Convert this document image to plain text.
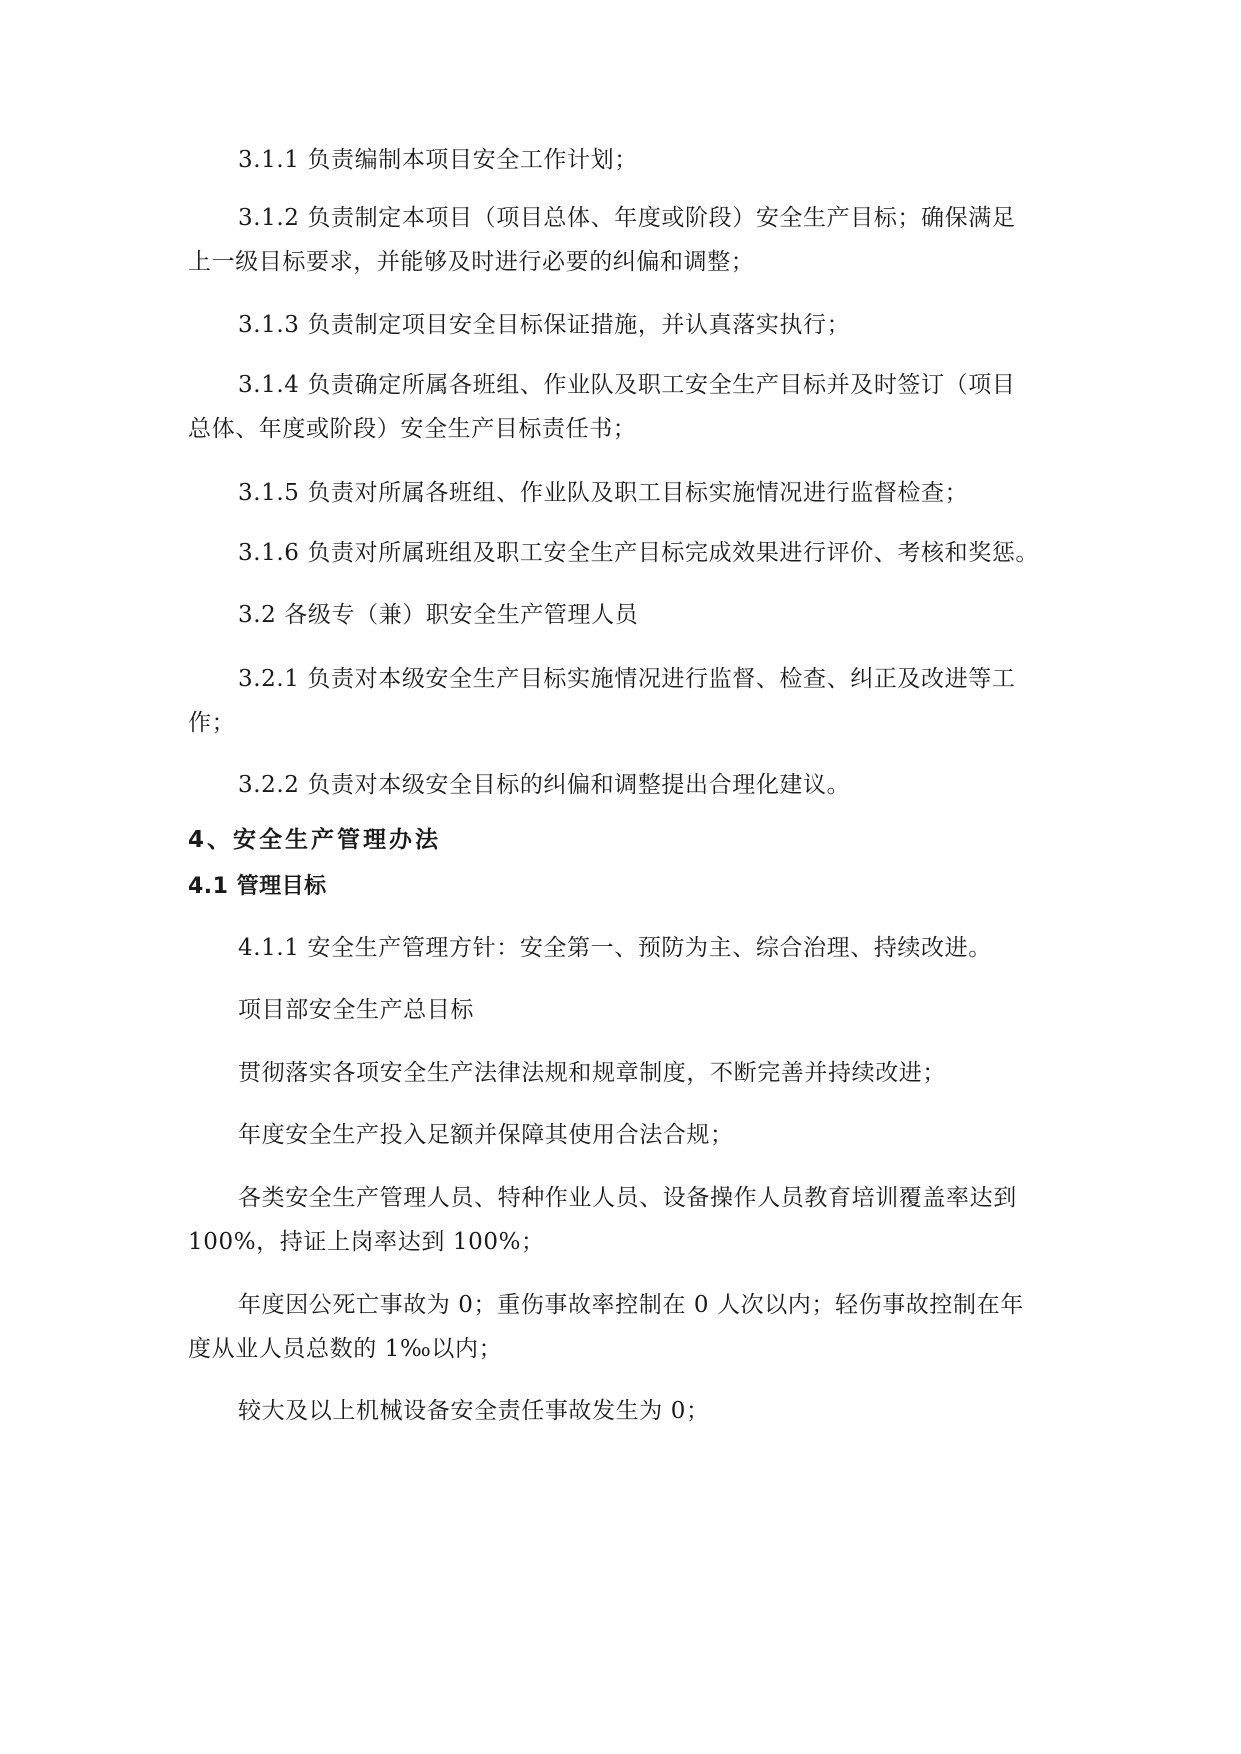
3.1.1 负责编制本项目安全工作计划；
3.1.2 负责制定本项目（项目总体、年度或阶段）安全生产目标；确保满足
上一级目标要求，并能够及时进行必要的纠偏和调整；
3.1.3 负责制定项目安全目标保证措施，并认真落实执行；
3.1.4 负责确定所属各班组、作业队及职工安全生产目标并及时签订（项目
总体、年度或阶段）安全生产目标责任书；
3.1.5 负责对所属各班组、作业队及职工目标实施情况进行监督检查；
3.1.6 负责对所属班组及职工安全生产目标完成效果进行评价、考核和奖惩。
3.2 各级专（兼）职安全生产管理人员
3.2.1 负责对本级安全生产目标实施情况进行监督、检查、纠正及改进等工
作；
3.2.2 负责对本级安全目标的纠偏和调整提出合理化建议。
4、安全生产管理办法
4.1 管理目标
4.1.1 安全生产管理方针：安全第一、预防为主、综合治理、持续改进。
项目部安全生产总目标
贯彻落实各项安全生产法律法规和规章制度，不断完善并持续改进；
年度安全生产投入足额并保障其使用合法合规；
各类安全生产管理人员、特种作业人员、设备操作人员教育培训覆盖率达到
100%，持证上岗率达到 100%；
年度因公死亡事故为 0；重伤事故率控制在 0 人次以内；轻伤事故控制在年
度从业人员总数的 1‰以内；
较大及以上机械设备安全责任事故发生为 0；
